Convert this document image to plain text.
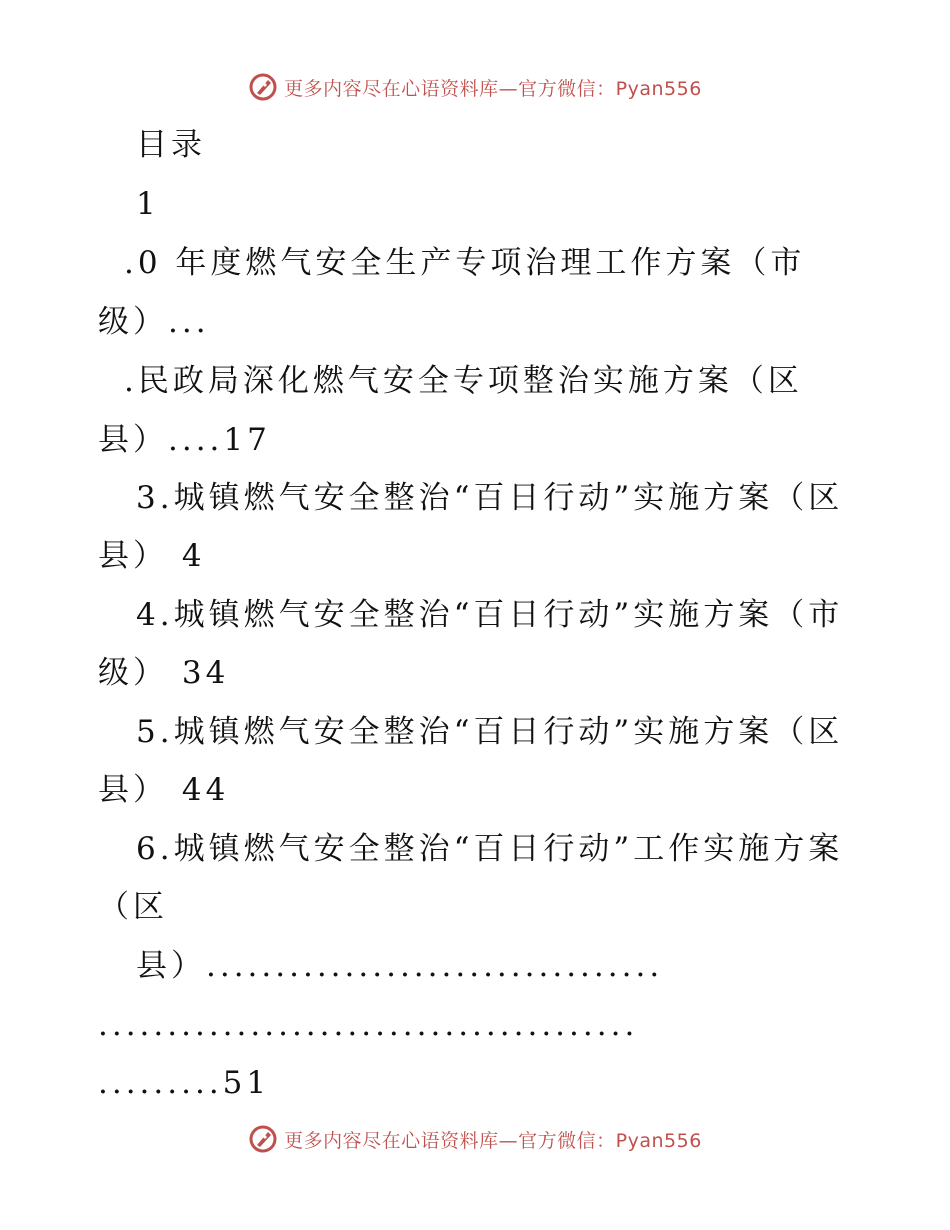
更多内容尽在心语资料库—官方微信：Pyan556
目录
1
.0 年度燃气安全生产专项治理工作方案（市
级）...
.民政局深化燃气安全专项整治实施方案（区
县）....17
3.城镇燃气安全整治“百日行动”实施方案（区
县） 4
4.城镇燃气安全整治“百日行动”实施方案（市
级） 34
5.城镇燃气安全整治“百日行动”实施方案（区
县） 44
6.城镇燃气安全整治“百日行动”工作实施方案
（区
县）.................................
.......................................
.........51
更多内容尽在心语资料库—官方微信：Pyan556
